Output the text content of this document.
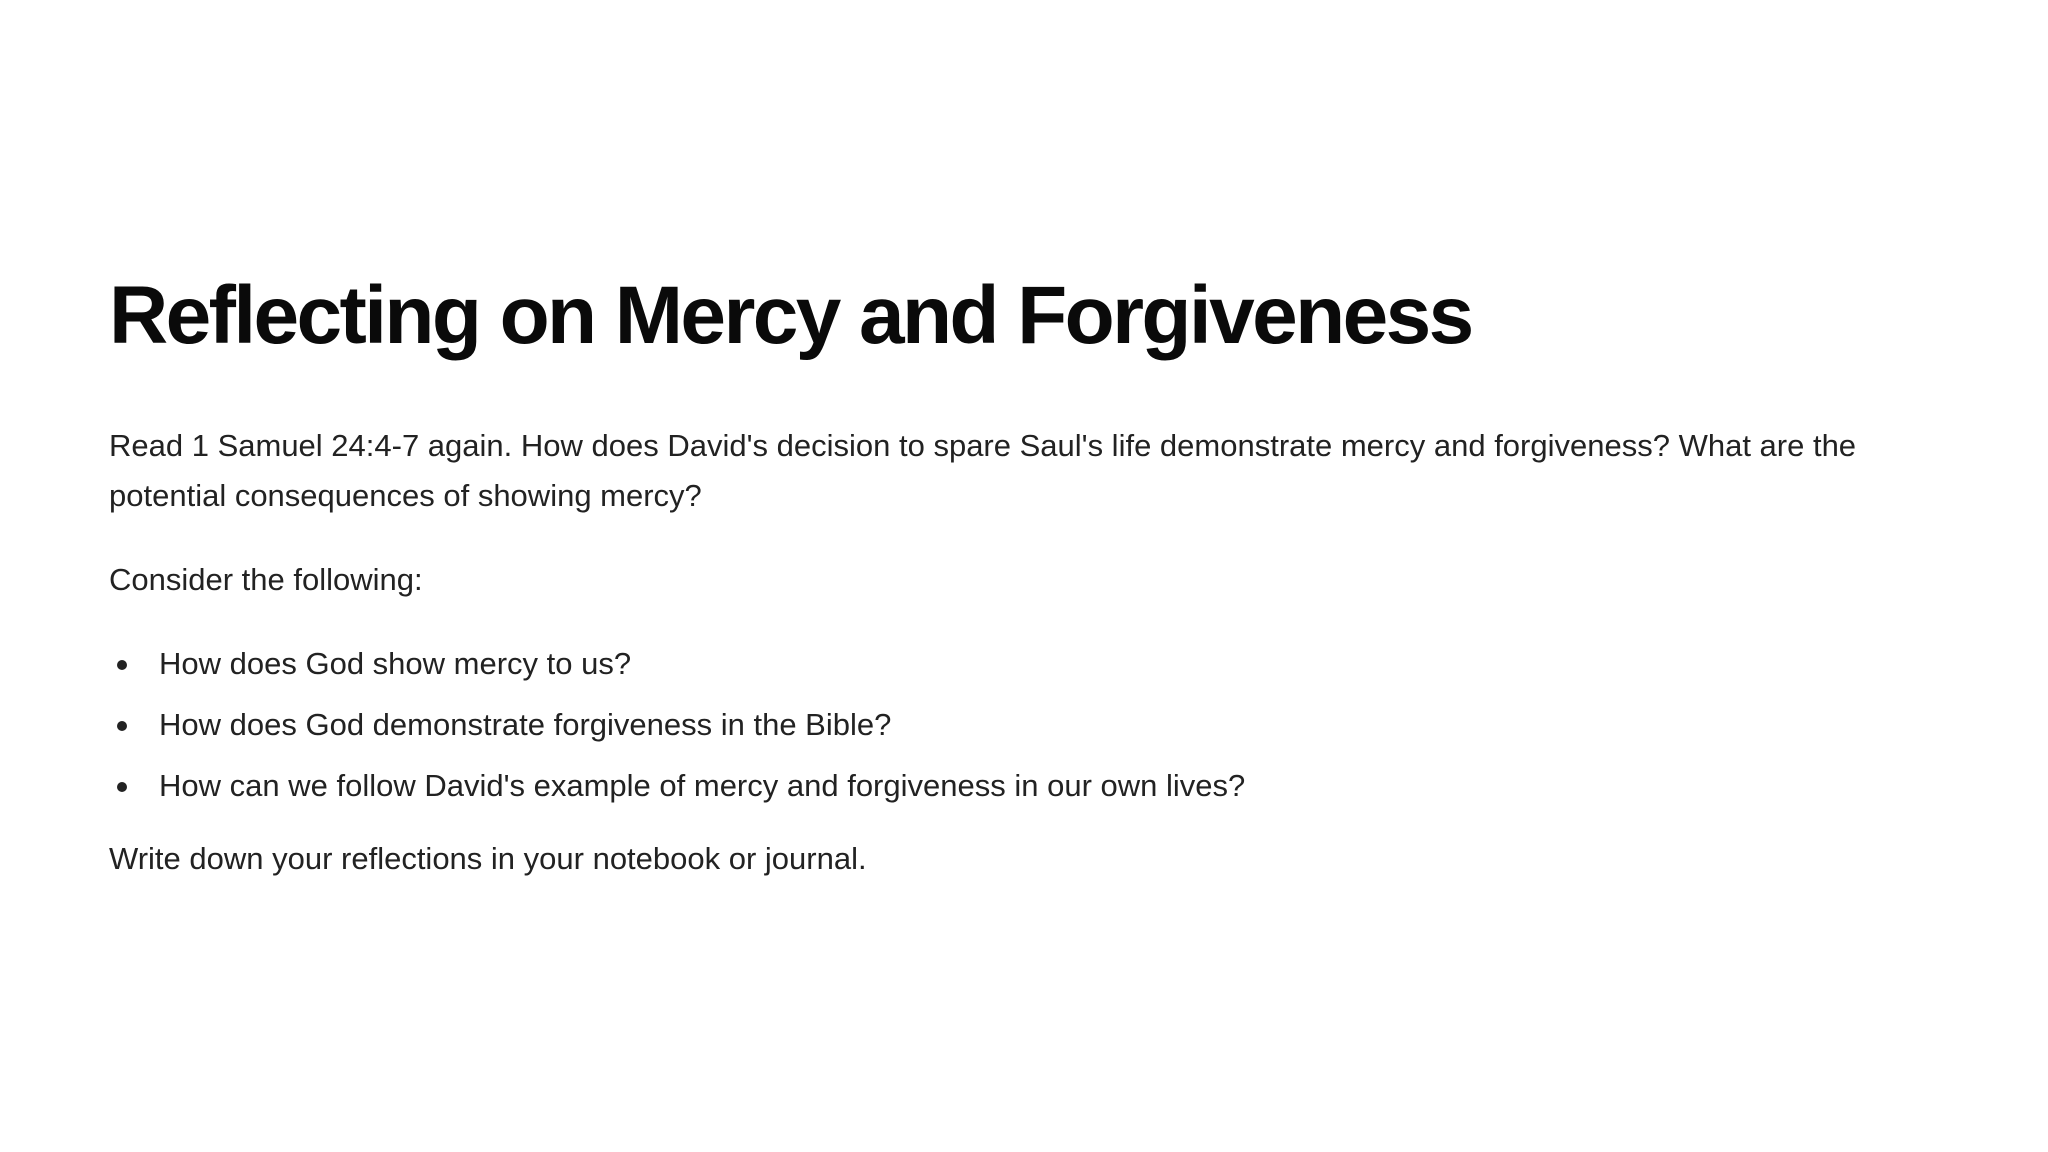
Reflecting on Mercy and Forgiveness

Read 1 Samuel 24:4-7 again. How does David's decision to spare Saul's life demonstrate mercy and forgiveness? What are the potential consequences of showing mercy?

Consider the following:

How does God show mercy to us?
How does God demonstrate forgiveness in the Bible?
How can we follow David's example of mercy and forgiveness in our own lives?

Write down your reflections in your notebook or journal.
